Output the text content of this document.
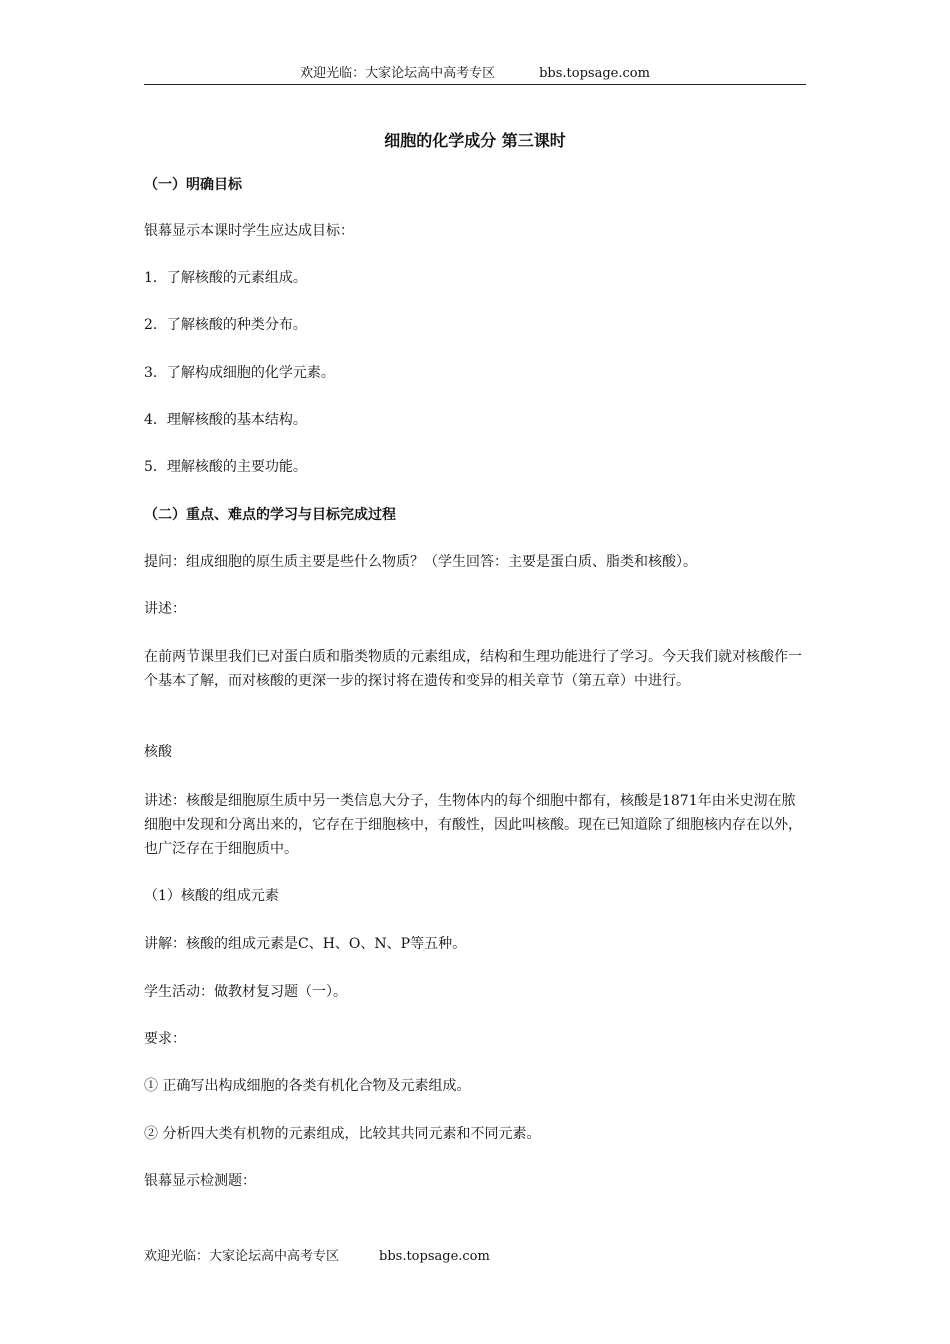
欢迎光临：大家论坛高中高考专区	bbs.topsage.com
细胞的化学成分 第三课时
（一）明确目标
银幕显示本课时学生应达成目标：
1．了解核酸的元素组成。
2．了解核酸的种类分布。
3．了解构成细胞的化学元素。
4．理解核酸的基本结构。
5．理解核酸的主要功能。
（二）重点、难点的学习与目标完成过程
提问：组成细胞的原生质主要是些什么物质？（学生回答：主要是蛋白质、脂类和核酸）。
讲述：
在前两节课里我们已对蛋白质和脂类物质的元素组成，结构和生理功能进行了学习。今天我们就对核酸作一个基本了解，而对核酸的更深一步的探讨将在遗传和变异的相关章节（第五章）中进行。
核酸
讲述：核酸是细胞原生质中另一类信息大分子，生物体内的每个细胞中都有，核酸是1871年由米史沏在脓细胞中发现和分离出来的，它存在于细胞核中，有酸性，因此叫核酸。现在已知道除了细胞核内存在以外，也广泛存在于细胞质中。
（1）核酸的组成元素
讲解：核酸的组成元素是C、H、O、N、P等五种。
学生活动：做教材复习题（一）。
要求：
① 正确写出构成细胞的各类有机化合物及元素组成。
② 分析四大类有机物的元素组成，比较其共同元素和不同元素。
银幕显示检测题：
欢迎光临：大家论坛高中高考专区	bbs.topsage.com
